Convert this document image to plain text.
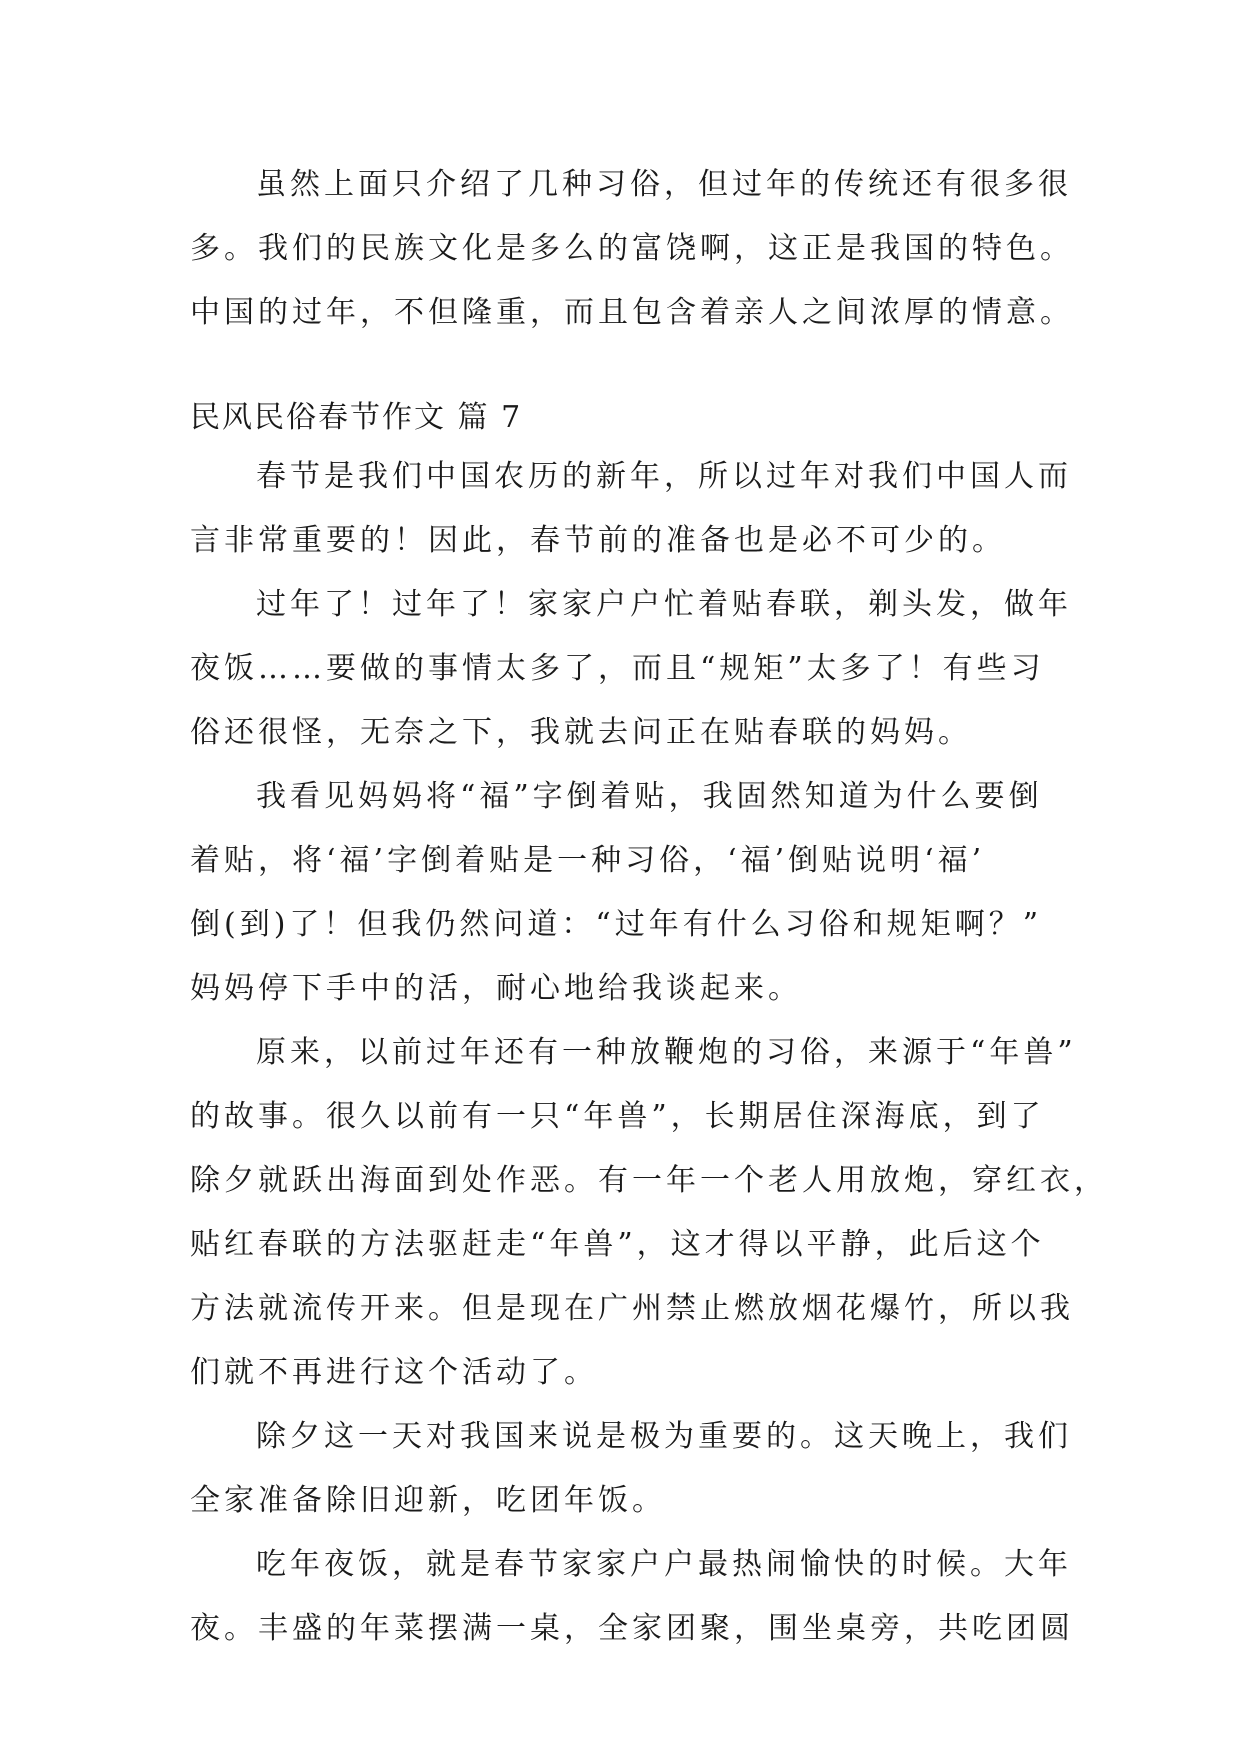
虽然上面只介绍了几种习俗，但过年的传统还有很多很
多。我们的民族文化是多么的富饶啊，这正是我国的特色。
中国的过年，不但隆重，而且包含着亲人之间浓厚的情意。
民风民俗春节作文 篇 7
春节是我们中国农历的新年，所以过年对我们中国人而
言非常重要的！因此，春节前的准备也是必不可少的。
过年了！过年了！家家户户忙着贴春联，剃头发，做年
夜饭……要做的事情太多了，而且“规矩”太多了！有些习
俗还很怪，无奈之下，我就去问正在贴春联的妈妈。
我看见妈妈将“福”字倒着贴，我固然知道为什么要倒
着贴，将‘福’字倒着贴是一种习俗，‘福’倒贴说明‘福’
倒(到)了！但我仍然问道：“过年有什么习俗和规矩啊？”
妈妈停下手中的活，耐心地给我谈起来。
原来，以前过年还有一种放鞭炮的习俗，来源于“年兽”
的故事。很久以前有一只“年兽”，长期居住深海底，到了
除夕就跃出海面到处作恶。有一年一个老人用放炮，穿红衣，
贴红春联的方法驱赶走“年兽”，这才得以平静，此后这个
方法就流传开来。但是现在广州禁止燃放烟花爆竹，所以我
们就不再进行这个活动了。
除夕这一天对我国来说是极为重要的。这天晚上，我们
全家准备除旧迎新，吃团年饭。
吃年夜饭，就是春节家家户户最热闹愉快的时候。大年
夜。丰盛的年菜摆满一桌，全家团聚，围坐桌旁，共吃团圆
